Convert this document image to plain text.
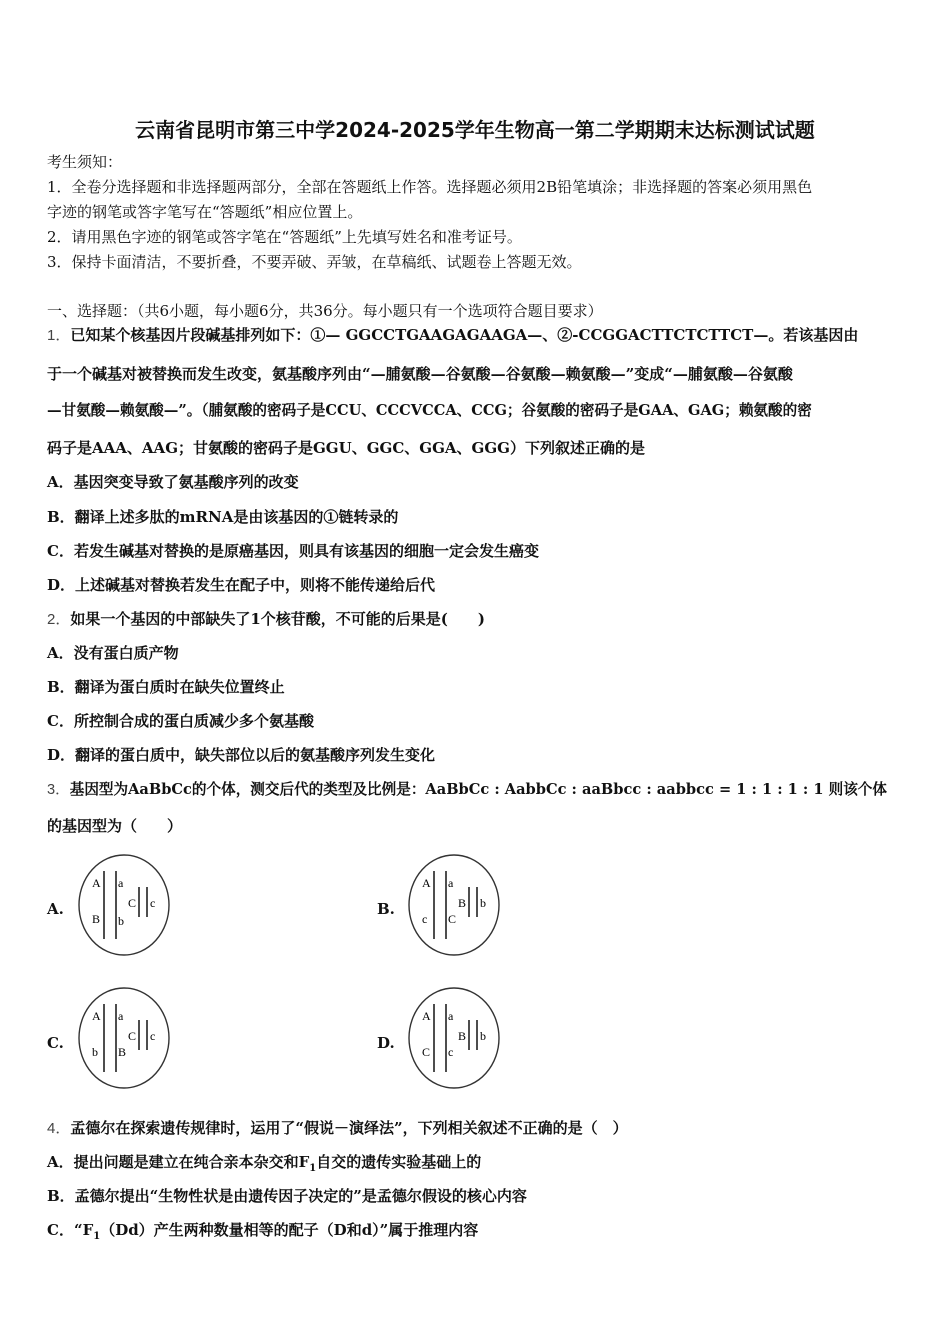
云南省昆明市第三中学2024-2025学年生物高一第二学期期末达标测试试题
考生须知：
1．全卷分选择题和非选择题两部分，全部在答题纸上作答。选择题必须用2B铅笔填涂；非选择题的答案必须用黑色
字迹的钢笔或答字笔写在“答题纸”相应位置上。
2．请用黑色字迹的钢笔或答字笔在“答题纸”上先填写姓名和准考证号。
3．保持卡面清洁，不要折叠，不要弄破、弄皱，在草稿纸、试题卷上答题无效。
一、选择题：（共6小题，每小题6分，共36分。每小题只有一个选项符合题目要求）
1．已知某个核基因片段碱基排列如下：①— GGCCTGAAGAGAAGA—、②-CCGGACTTCTCTTCT—。若该基因由
于一个碱基对被替换而发生改变，氨基酸序列由“—脯氨酸—谷氨酸—谷氨酸—赖氨酸—”变成“—脯氨酸—谷氨酸
—甘氨酸—赖氨酸—”。（脯氨酸的密码子是CCU、CCCVCCA、CCG；谷氨酸的密码子是GAA、GAG；赖氨酸的密
码子是AAA、AAG；甘氨酸的密码子是GGU、GGC、GGA、GGG）下列叙述正确的是
A．基因突变导致了氨基酸序列的改变
B．翻译上述多肽的mRNA是由该基因的①链转录的
C．若发生碱基对替换的是原癌基因，则具有该基因的细胞一定会发生癌变
D．上述碱基对替换若发生在配子中，则将不能传递给后代
2．如果一个基因的中部缺失了1个核苷酸，不可能的后果是(　　)
A．没有蛋白质产物
B．翻译为蛋白质时在缺失位置终止
C．所控制合成的蛋白质减少多个氨基酸
D．翻译的蛋白质中，缺失部位以后的氨基酸序列发生变化
3．基因型为AaBbCc的个体，测交后代的类型及比例是：AaBbCc : AabbCc : aaBbcc : aabbcc = 1 : 1 : 1 : 1 则该个体
的基因型为（　　）
A.	B.
C.	D.
A a
B b
C c
A a
c C
B b
A a
b B
C c
A a
C c
B b
4．孟德尔在探索遗传规律时，运用了“假说－演绎法”，下列相关叙述不正确的是（　）
A．提出问题是建立在纯合亲本杂交和$F_1$自交的遗传实验基础上的
B．孟德尔提出“生物性状是由遗传因子决定的”是孟德尔假设的核心内容
C．“$F_1(Dd)$产生两种数量相等的配子（D和d）”属于推理内容
